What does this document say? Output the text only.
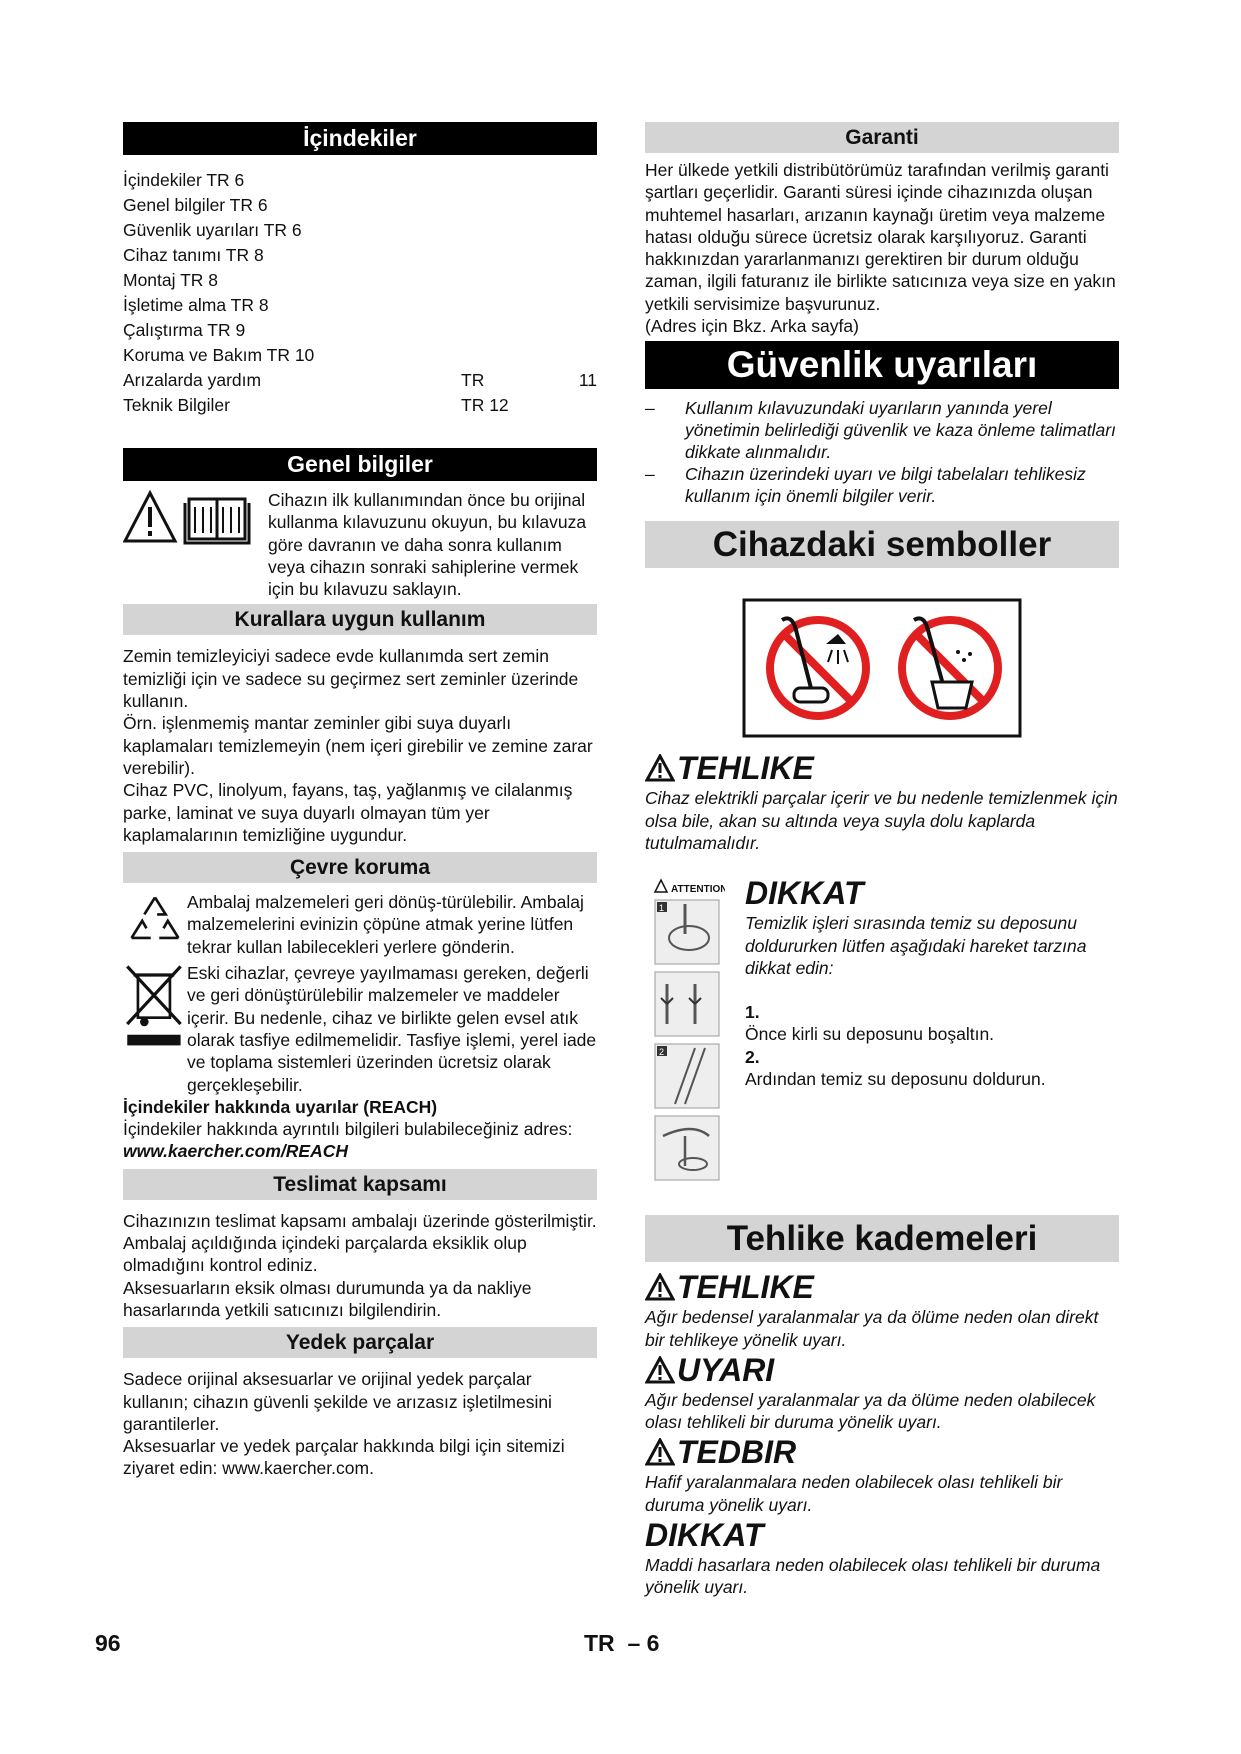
İçindekiler
İçindekiler TR 6
Genel bilgiler TR 6
Güvenlik uyarıları TR 6
Cihaz tanımı TR 8
Montaj TR 8
İşletime alma TR 8
Çalıştırma TR 9
Koruma ve Bakım TR 10
Arızalarda yardım	TR	11
Teknik Bilgiler	TR 12
Genel bilgiler

Cihazın ilk kullanımından önce bu orijinal kullanma kılavuzunu okuyun, bu kılavuza göre davranın ve daha sonra kullanım veya cihazın sonraki sahiplerine vermek için bu kılavuzu saklayın.

Kurallara uygun kullanım

Zemin temizleyiciyi sadece evde kullanımda sert zemin temizliği için ve sadece su geçirmez sert zeminler üzerinde kullanın.

Örn. işlenmemiş mantar zeminler gibi suya duyarlı kaplamaları temizlemeyin (nem içeri girebilir ve zemine zarar verebilir).

Cihaz PVC, linolyum, fayans, taş, yağlanmış ve cilalanmış parke, laminat ve suya duyarlı olmayan tüm yer kaplamalarının temizliğine uygundur.

Çevre koruma

Ambalaj malzemeleri geri dönüş-türülebilir. Ambalaj malzemelerini evinizin çöpüne atmak yerine lütfen tekrar kullan labilecekleri yerlere gönderin.

Eski cihazlar, çevreye yayılmaması gereken, değerli ve geri dönüştürülebilir malzemeler ve maddeler içerir. Bu nedenle, cihaz ve birlikte gelen evsel atık olarak tasfiye edilmemelidir. Tasfiye işlemi, yerel iade ve toplama sistemleri üzerinden ücretsiz olarak gerçekleşebilir.

İçindekiler hakkında uyarılar (REACH)

İçindekiler hakkında ayrıntılı bilgileri bulabileceğiniz adres:

www.kaercher.com/REACH

Teslimat kapsamı

Cihazınızın teslimat kapsamı ambalajı üzerinde gösterilmiştir. Ambalaj açıldığında içindeki parçalarda eksiklik olup olmadığını kontrol ediniz.

Aksesuarların eksik olması durumunda ya da nakliye hasarlarında yetkili satıcınızı bilgilendirin.

Yedek parçalar

Sadece orijinal aksesuarlar ve orijinal yedek parçalar kullanın; cihazın güvenli şekilde ve arızasız işletilmesini garantilerler.

Aksesuarlar ve yedek parçalar hakkında bilgi için sitemizi ziyaret edin: www.kaercher.com.

Garanti

Her ülkede yetkili distribütörümüz tarafından verilmiş garanti şartları geçerlidir. Garanti süresi içinde cihazınızda oluşan muhtemel hasarları, arızanın kaynağı üretim veya malzeme hatası olduğu sürece ücretsiz olarak karşılıyoruz. Garanti hakkınızdan yararlanmanızı gerektiren bir durum olduğu zaman, ilgili faturanız ile birlikte satıcınıza veya size en yakın yetkili servisimize başvurunuz.

(Adres için Bkz. Arka sayfa)

Güvenlik uyarıları
–	Kullanım kılavuzundaki uyarıların yanında yerel yönetimin belirlediği güvenlik ve kaza önleme talimatları dikkate alınmalıdır.
–	Cihazın üzerindeki uyarı ve bilgi tabelaları tehlikesiz kullanım için önemli bilgiler verir.
Cihazdaki semboller
TEHLIKE

Cihaz elektrikli parçalar içerir ve bu nedenle temizlenmek için olsa bile, akan su altında veya suyla dolu kaplarda tutulmamalıdır.

ATTENTION!
1
2
DIKKAT

Temizlik işleri sırasında temiz su deposunu doldururken lütfen aşağıdaki hareket tarzına dikkat edin:

1.

Önce kirli su deposunu boşaltın.

2.

Ardından temiz su deposunu doldurun.

Tehlike kademeleri
TEHLIKE

Ağır bedensel yaralanmalar ya da ölüme neden olan direkt bir tehlikeye yönelik uyarı.

UYARI

Ağır bedensel yaralanmalar ya da ölüme neden olabilecek olası tehlikeli bir duruma yönelik uyarı.

TEDBIR

Hafif yaralanmalara neden olabilecek olası tehlikeli bir duruma yönelik uyarı.

DIKKAT

Maddi hasarlara neden olabilecek olası tehlikeli bir duruma yönelik uyarı.

96	TR  – 6
